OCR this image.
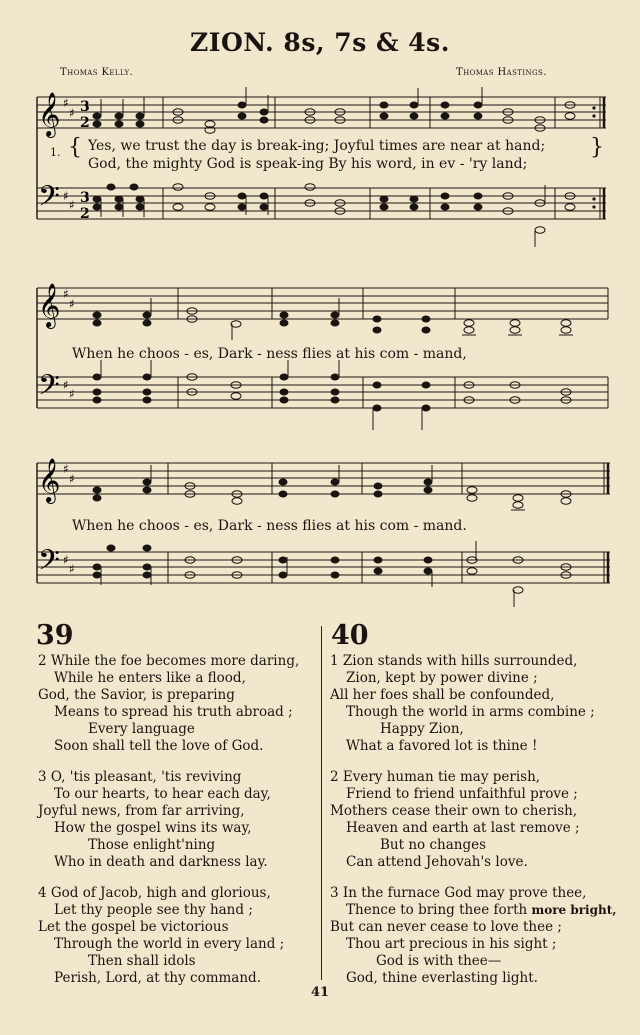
ZION. 8s, 7s & 4s.
Thomas Kelly.	Thomas Hastings.
𝄞
𝄢
♯
♯
♯
♯
3
2
3
2
1. { Yes, we trust the day is break-ing; Joyful times are near at hand;
God, the mighty God is speak-ing By his word, in ev - 'ry land;
}
𝄞
𝄢
♯
♯
♯
♯
When he choos - es, Dark - ness flies at his com - mand,
𝄞
𝄢
♯
♯
♯
♯
When he choos - es, Dark - ness flies at his com - mand.
39
2 While the foe becomes more daring,
While he enters like a flood,
God, the Savior, is preparing
Means to spread his truth abroad ;
Every language
Soon shall tell the love of God.
3 O, 'tis pleasant, 'tis reviving
To our hearts, to hear each day,
Joyful news, from far arriving,
How the gospel wins its way,
Those enlight'ning
Who in death and darkness lay.
4 God of Jacob, high and glorious,
Let thy people see thy hand ;
Let the gospel be victorious
Through the world in every land ;
Then shall idols
Perish, Lord, at thy command.
40
1 Zion stands with hills surrounded,
Zion, kept by power divine ;
All her foes shall be confounded,
Though the world in arms combine ;
Happy Zion,
What a favored lot is thine !
2 Every human tie may perish,
Friend to friend unfaithful prove ;
Mothers cease their own to cherish,
Heaven and earth at last remove ;
But no changes
Can attend Jehovah's love.
3 In the furnace God may prove thee,
Thence to bring thee forth more bright,
But can never cease to love thee ;
Thou art precious in his sight ;
God is with thee—
God, thine everlasting light.
41
